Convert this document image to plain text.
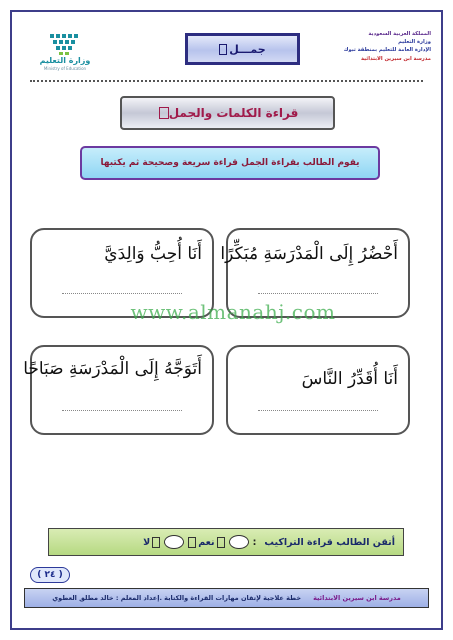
وزارة التعليم
Ministry of Education
جمـــل
المملكة العربية السعودية
وزارة التعليم
الإدارة العامة للتعليم بمنطقة تبوك
مدرسة ابن سيرين الابتدائية
قراءة الكلمات والجمل
يقوم الطالب بقراءة الجمل قراءة سريعة وصحيحة ثم يكتبها
أَحْضُرُ إِلَى الْمَدْرَسَةِ مُبَكِّرًا
أَنَا أُحِبُّ وَالِدَيَّ
أَنَا أُقَدِّرُ النَّاسَ
أَتَوَجَّهُ إِلَى الْمَدْرَسَةِ صَبَاحًا
www.almanahj.com
أتقن الطالب قراءة التراكيب
:
نعم
لا
( ٢٤ )
مدرسة ابن سيرين الابتدائية
خطة علاجية لإتقان مهارات القراءة والكتابة .إعداد المعلم : خالد مطلق العطوي
